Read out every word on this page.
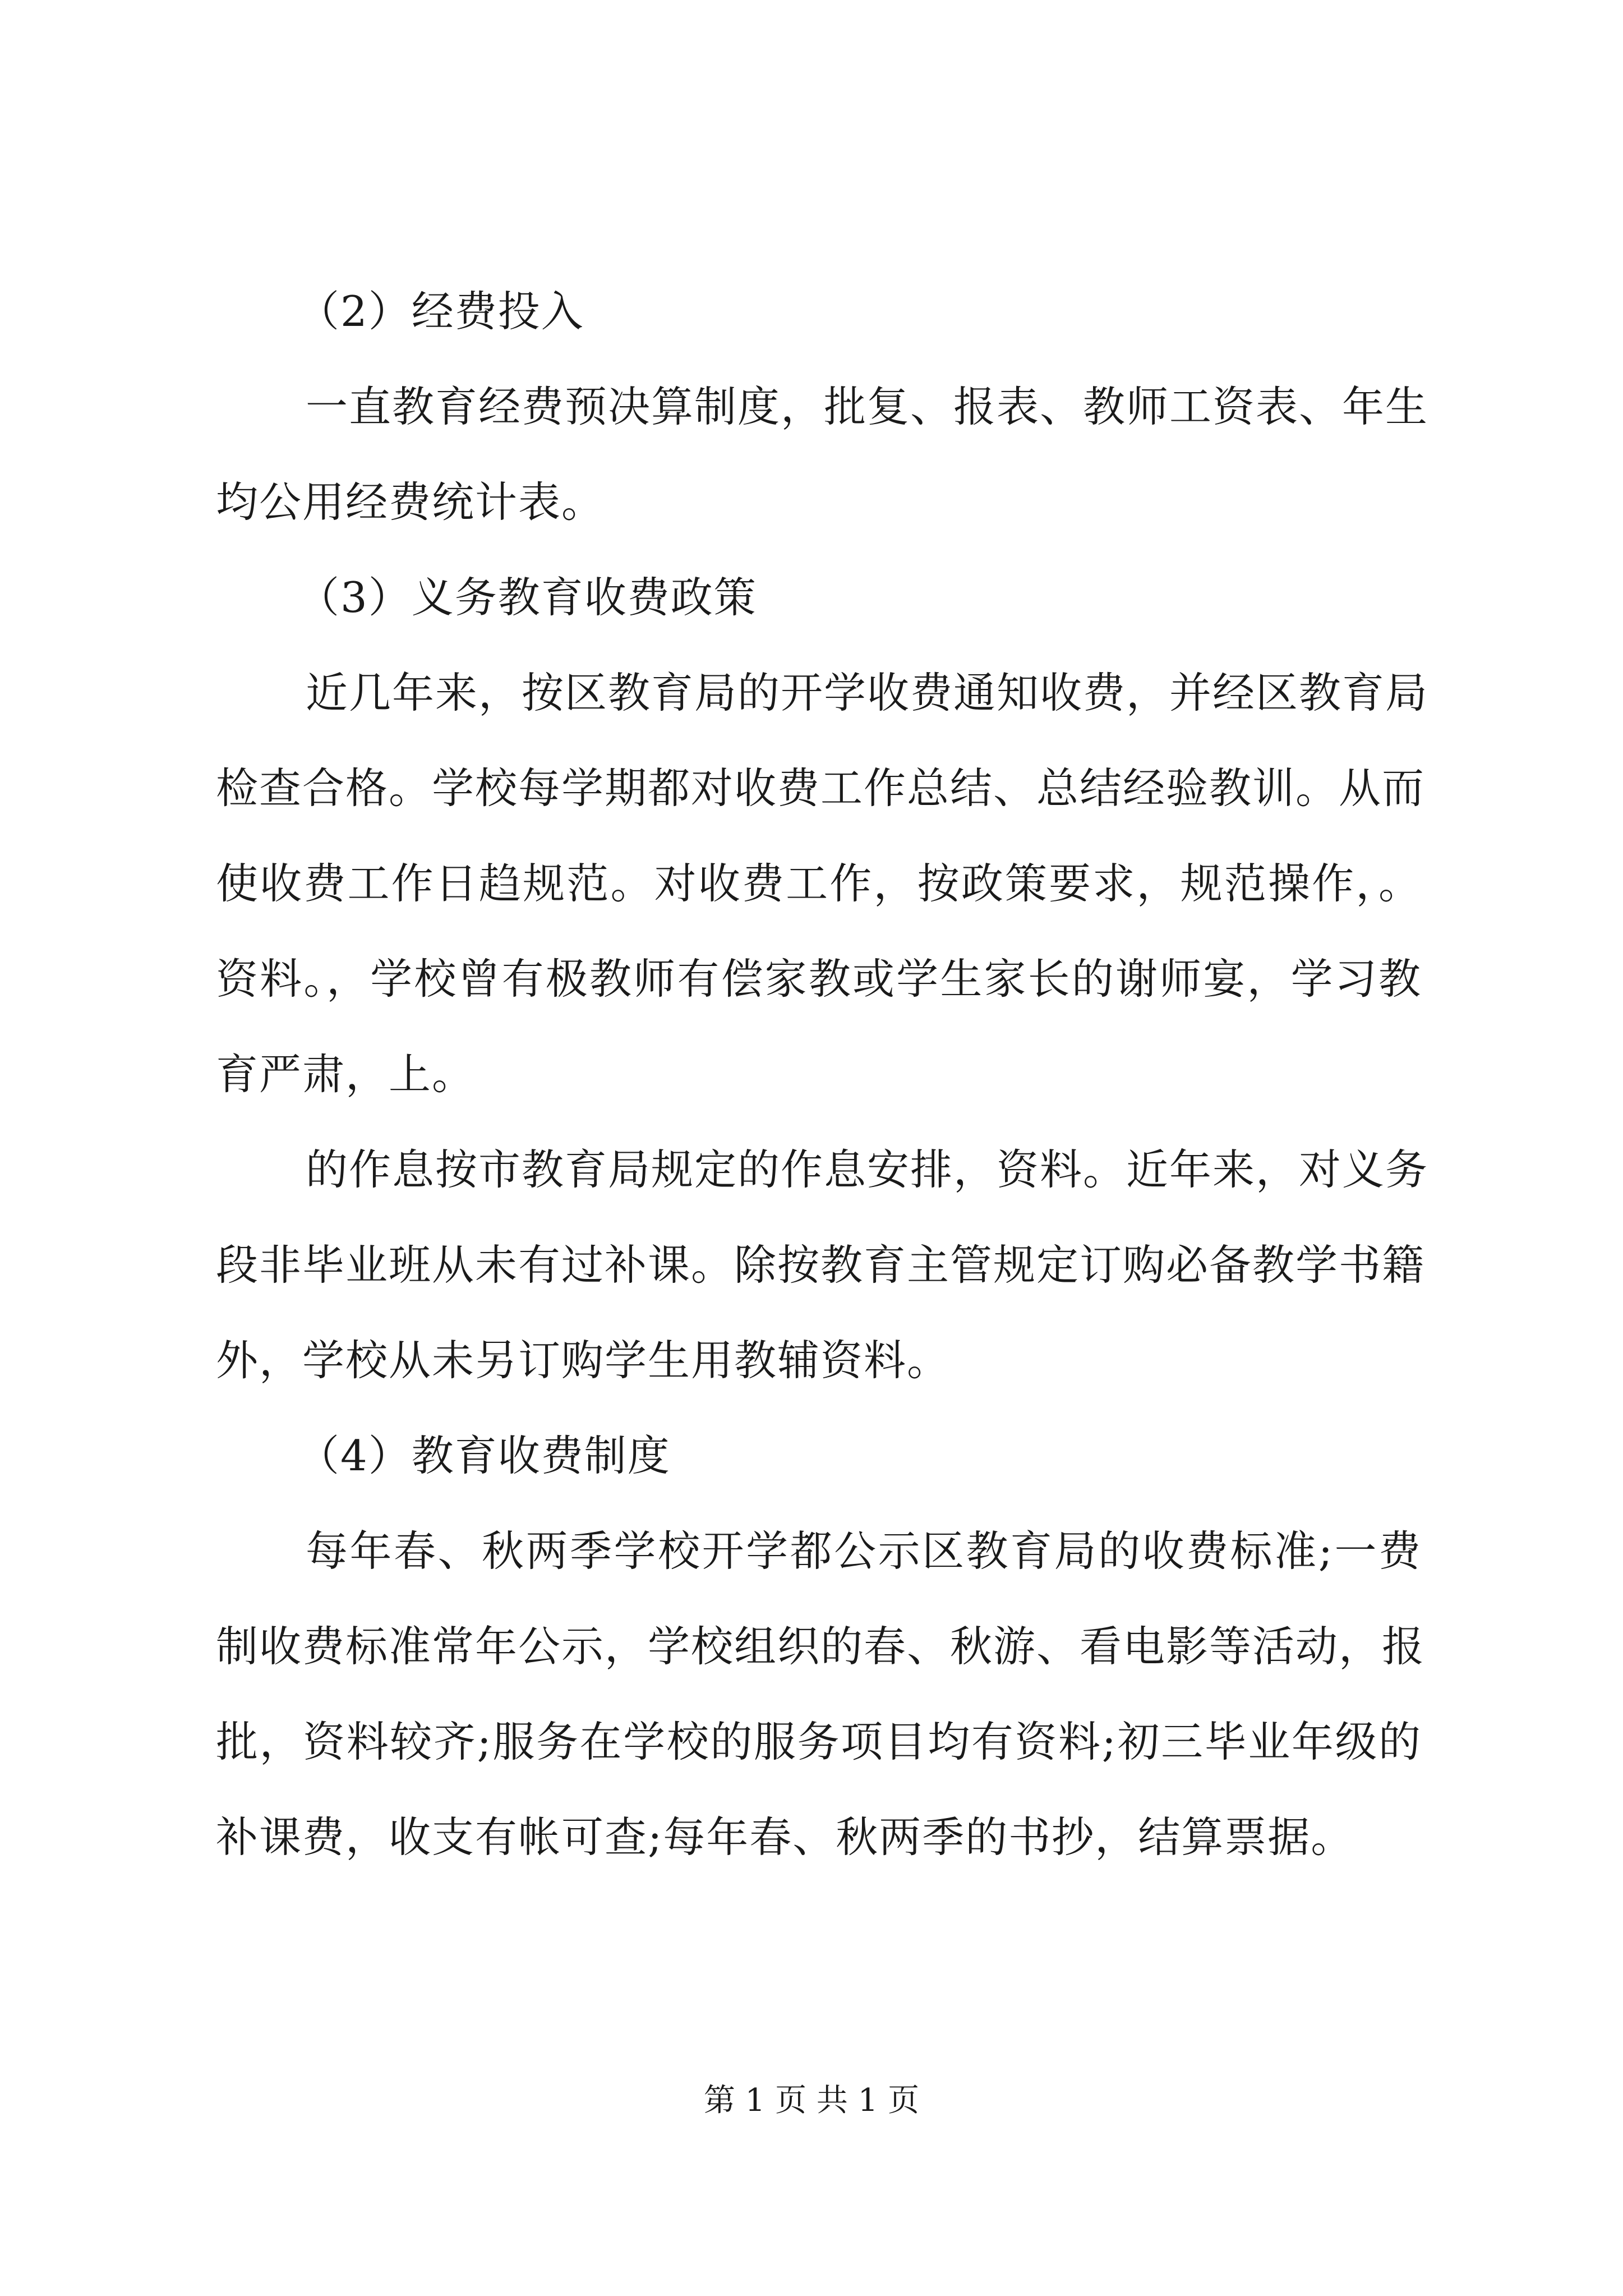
（2）经费投入
一直教育经费预决算制度，批复、报表、教师工资表、年生
均公用经费统计表。
（3）义务教育收费政策
近几年来，按区教育局的开学收费通知收费，并经区教育局
检查合格。学校每学期都对收费工作总结、总结经验教训。从而
使收费工作日趋规范。对收费工作，按政策要求，规范操作，。
资料。，学校曾有极教师有偿家教或学生家长的谢师宴，学习教
育严肃，上。
的作息按市教育局规定的作息安排，资料。近年来，对义务
段非毕业班从未有过补课。除按教育主管规定订购必备教学书籍
外，学校从未另订购学生用教辅资料。
（4）教育收费制度
每年春、秋两季学校开学都公示区教育局的收费标准;一费
制收费标准常年公示，学校组织的春、秋游、看电影等活动，报
批，资料较齐;服务在学校的服务项目均有资料;初三毕业年级的
补课费，收支有帐可查;每年春、秋两季的书抄，结算票据。
第 1 页 共 1 页
